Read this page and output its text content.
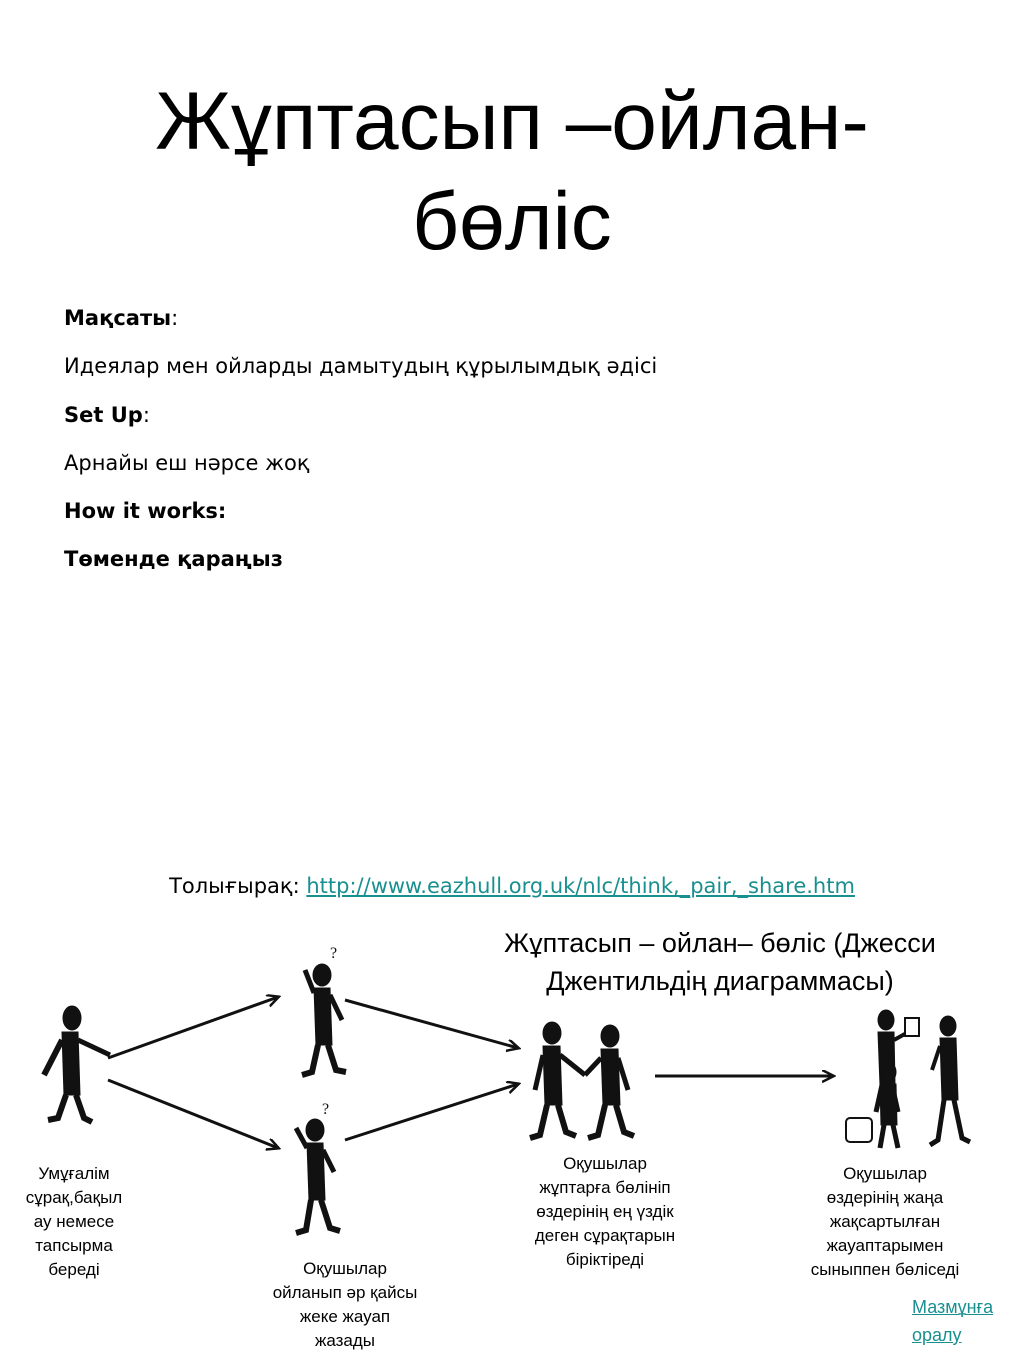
Жұптасып –ойлан-
бөліс
Мақсаты:
Идеялар мен ойларды дамытудың құрылымдық әдісі
Set Up:
Арнайы еш нәрсе жоқ
How it works:
Төменде қараңыз
Толығырақ: http://www.eazhull.org.uk/nlc/think,_pair,_share.htm
Жұптасып – ойлан– бөліс (Джесси Джентильдің диаграммасы)
?
?
Умұғалім
сұрақ,бақыл
ау немесе
тапсырма
береді	Оқушылар
ойланып әр қайсы
жеке жауап
жазады
Оқушылар
жұптарға бөлініп
өздерінің ең үздік
деген сұрақтарын
біріктіреді
Оқушылар
өздерінің жаңа
жақсартылған
жауаптарымен
сыныппен бөліседі
Мазмұнға
оралу
